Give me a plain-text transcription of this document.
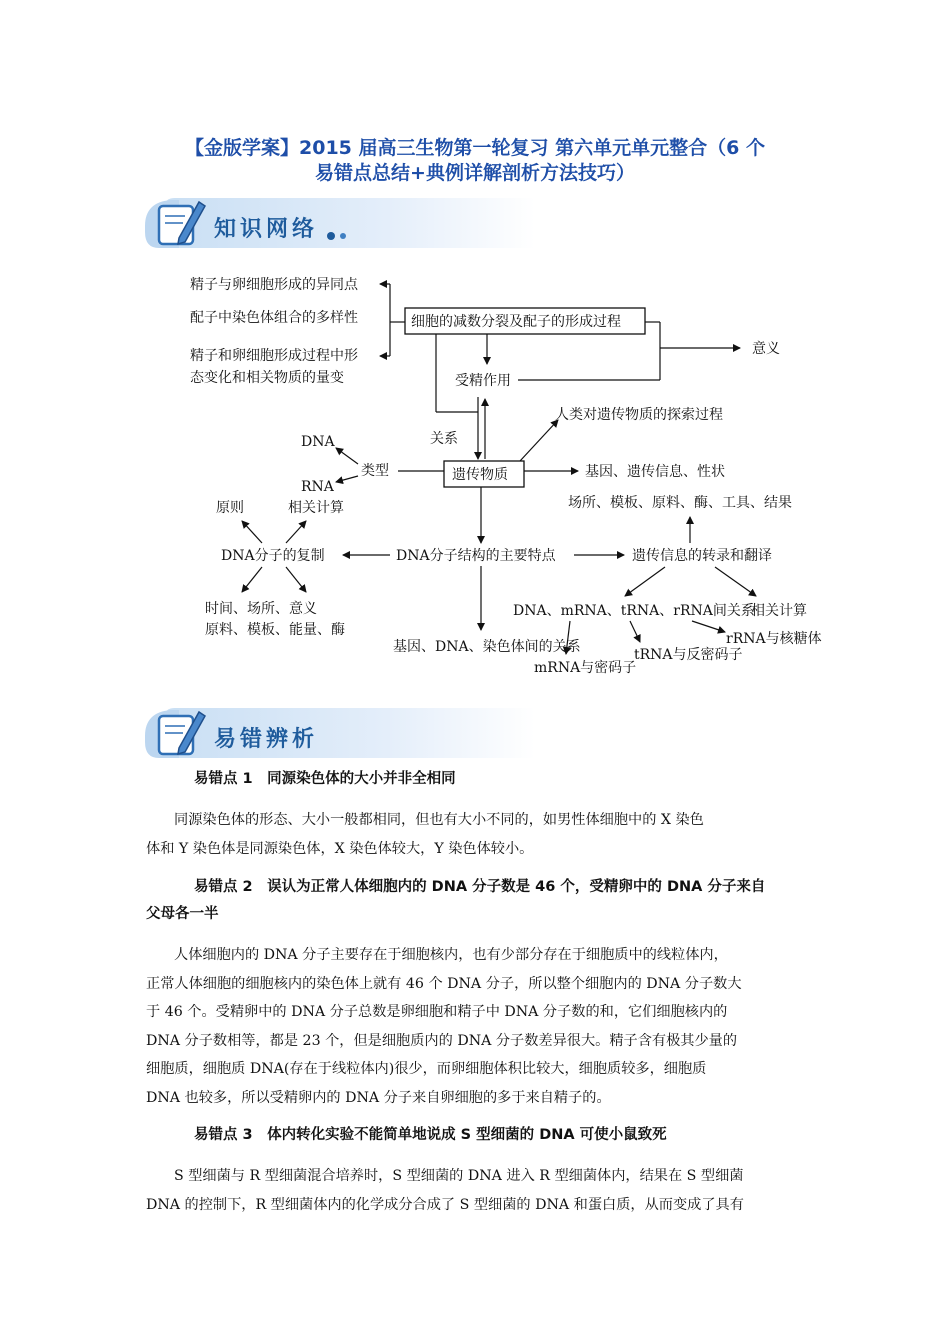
【金版学案】2015 届高三生物第一轮复习 第六单元单元整合（6 个
易错点总结+典例详解剖析方法技巧）
知识网络
精子与卵细胞形成的异同点
配子中染色体组合的多样性
精子和卵细胞形成过程中形
态变化和相关物质的量变
细胞的减数分裂及配子的形成过程
意义
受精作用
关系
人类对遗传物质的探索过程
遗传物质
类型
DNA
RNA
基因、遗传信息、性状
场所、模板、原料、酶、工具、结果
原则	相关计算
DNA分子的复制	DNA分子结构的主要特点	遗传信息的转录和翻译
时间、场所、意义
原料、模板、能量、酶
DNA、mRNA、tRNA、rRNA间关系
相关计算
rRNA与核糖体
基因、DNA、染色体间的关系	tRNA与反密码子
mRNA与密码子
易错辨析
易错点 1　同源染色体的大小并非全相同
同源染色体的形态、大小一般都相同，但也有大小不同的，如男性体细胞中的 X 染色
体和 Y 染色体是同源染色体，X 染色体较大，Y 染色体较小。
易错点 2　误认为正常人体细胞内的 DNA 分子数是 46 个，受精卵中的 DNA 分子来自
父母各一半
人体细胞内的 DNA 分子主要存在于细胞核内，也有少部分存在于细胞质中的线粒体内，
正常人体细胞的细胞核内的染色体上就有 46 个 DNA 分子，所以整个细胞内的 DNA 分子数大
于 46 个。受精卵中的 DNA 分子总数是卵细胞和精子中 DNA 分子数的和，它们细胞核内的
DNA 分子数相等，都是 23 个，但是细胞质内的 DNA 分子数差异很大。精子含有极其少量的
细胞质，细胞质 DNA(存在于线粒体内)很少，而卵细胞体积比较大，细胞质较多，细胞质
DNA 也较多，所以受精卵内的 DNA 分子来自卵细胞的多于来自精子的。
易错点 3　体内转化实验不能简单地说成 S 型细菌的 DNA 可使小鼠致死
S 型细菌与 R 型细菌混合培养时，S 型细菌的 DNA 进入 R 型细菌体内，结果在 S 型细菌
DNA 的控制下，R 型细菌体内的化学成分合成了 S 型细菌的 DNA 和蛋白质，从而变成了具有
